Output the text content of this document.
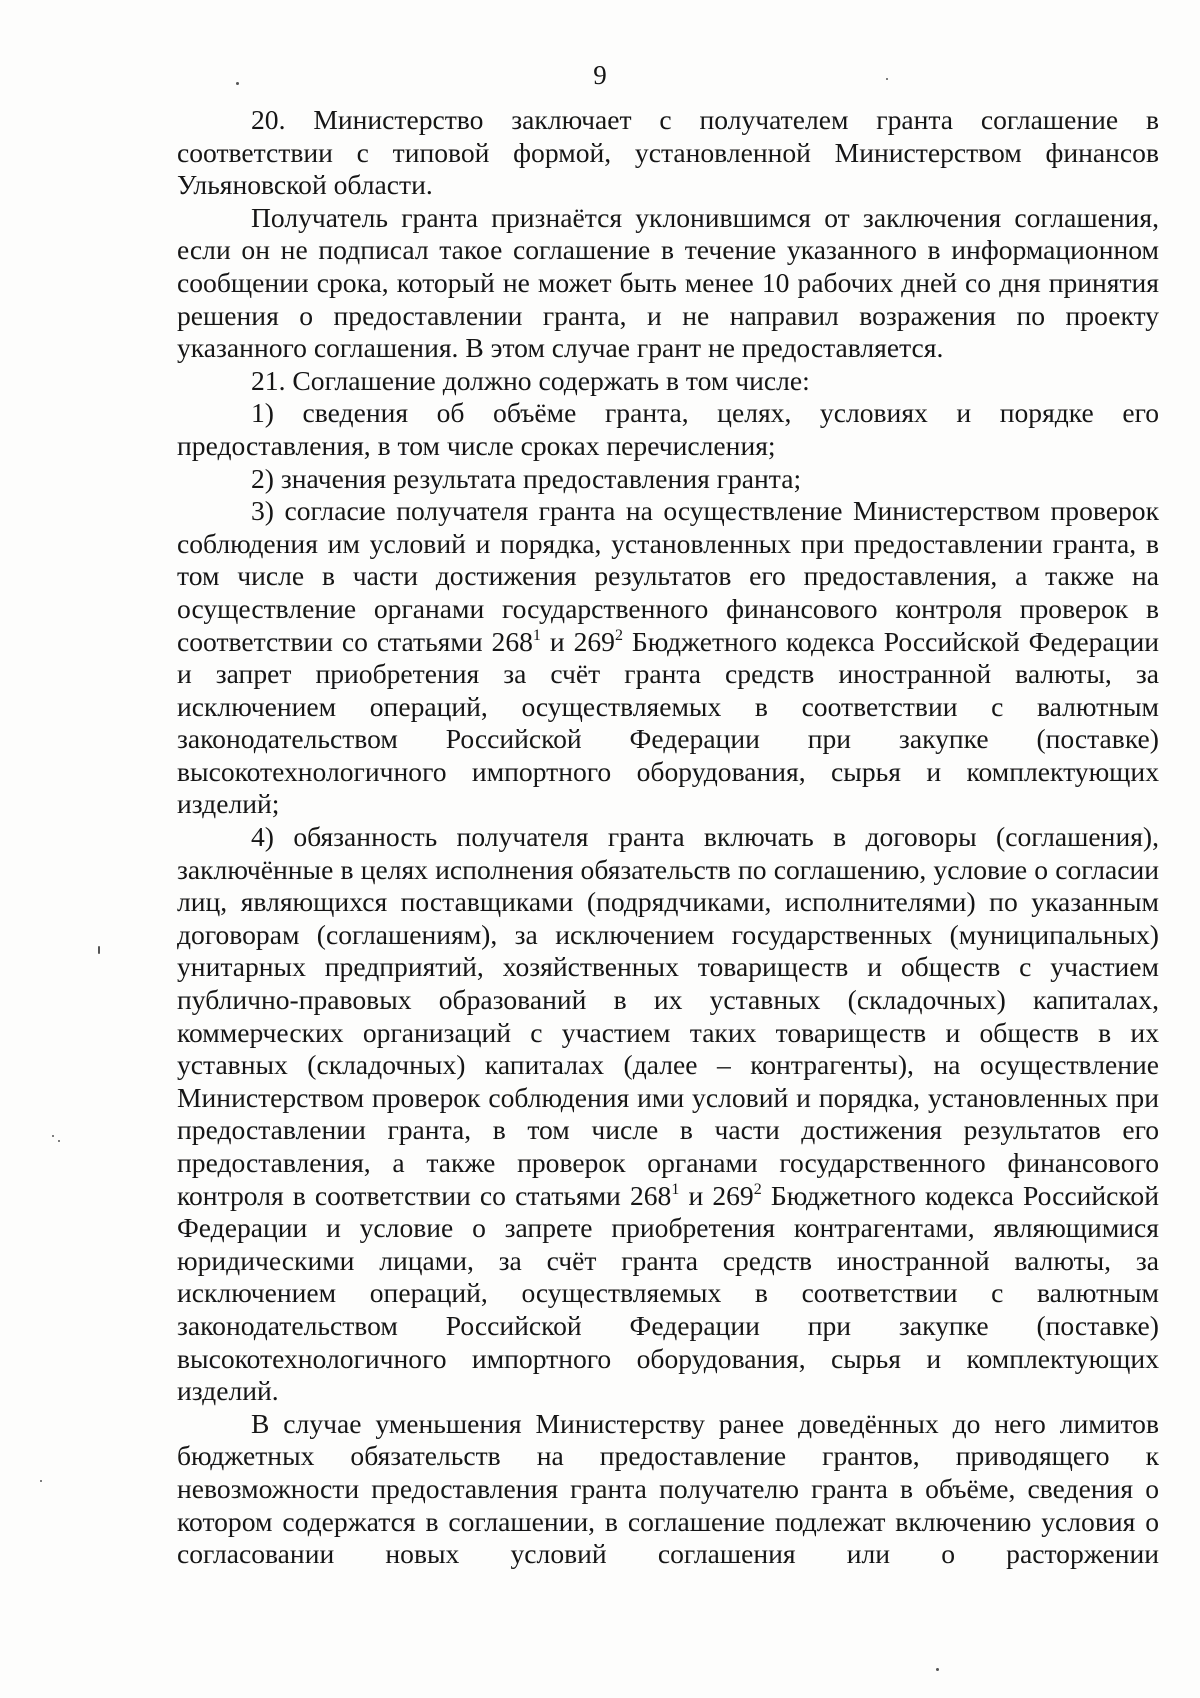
9

20. Министерство заключает с получателем гранта соглашение в соответствии с типовой формой, установленной Министерством финансов Ульяновской области.

Получатель гранта признаётся уклонившимся от заключения соглашения, если он не подписал такое соглашение в течение указанного в информационном сообщении срока, который не может быть менее 10 рабочих дней со дня принятия решения о предоставлении гранта, и не направил возражения по проекту указанного соглашения. В этом случае грант не предоставляется.

21. Соглашение должно содержать в том числе:

1) сведения об объёме гранта, целях, условиях и порядке его предоставления, в том числе сроках перечисления;

2) значения результата предоставления гранта;

3) согласие получателя гранта на осуществление Министерством проверок соблюдения им условий и порядка, установленных при предоставлении гранта, в том числе в части достижения результатов его предоставления, а также на осуществление органами государственного финансового контроля проверок в соответствии со статьями $268^1$ и $269^2$ Бюджетного кодекса Российской Федерации и запрет приобретения за счёт гранта средств иностранной валюты, за исключением операций, осуществляемых в соответствии с валютным законодательством Российской Федерации при закупке (поставке) высокотехнологичного импортного оборудования, сырья и комплектующих изделий;

4) обязанность получателя гранта включать в договоры (соглашения), заключённые в целях исполнения обязательств по соглашению, условие о согласии лиц, являющихся поставщиками (подрядчиками, исполнителями) по указанным договорам (соглашениям), за исключением государственных (муниципальных) унитарных предприятий, хозяйственных товариществ и обществ с участием публично-правовых образований в их уставных (складочных) капиталах, коммерческих организаций с участием таких товариществ и обществ в их уставных (складочных) капиталах (далее – контрагенты), на осуществление Министерством проверок соблюдения ими условий и порядка, установленных при предоставлении гранта, в том числе в части достижения результатов его предоставления, а также проверок органами государственного финансового контроля в соответствии со статьями $268^1$ и $269^2$ Бюджетного кодекса Российской Федерации и условие о запрете приобретения контрагентами, являющимися юридическими лицами, за счёт гранта средств иностранной валюты, за исключением операций, осуществляемых в соответствии с валютным законодательством Российской Федерации при закупке (поставке) высокотехнологичного импортного оборудования, сырья и комплектующих изделий.

В случае уменьшения Министерству ранее доведённых до него лимитов бюджетных обязательств на предоставление грантов, приводящего к невозможности предоставления гранта получателю гранта в объёме, сведения о котором содержатся в соглашении, в соглашение подлежат включению условия о согласовании новых условий соглашения или о расторжении
